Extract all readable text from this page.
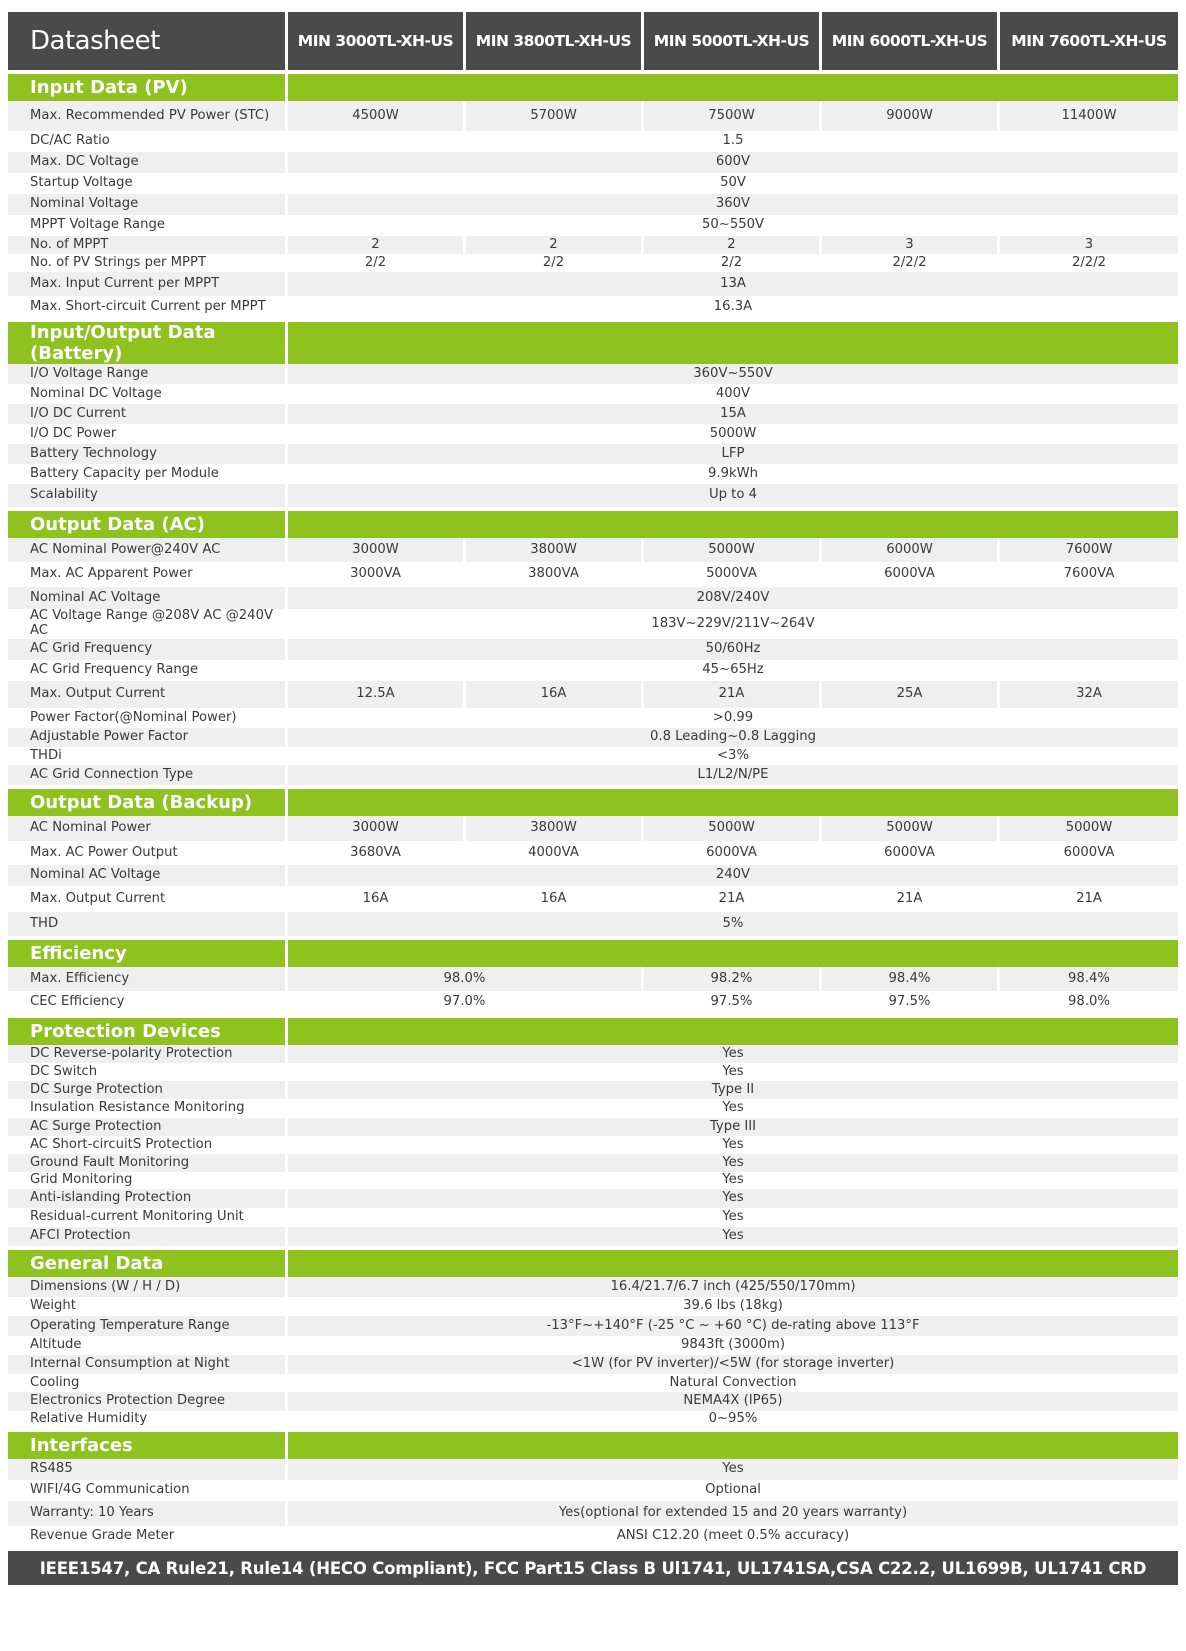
Datasheet	MIN 3000TL-XH-US	MIN 3800TL-XH-US	MIN 5000TL-XH-US	MIN 6000TL-XH-US	MIN 7600TL-XH-US

Input Data (PV)					
Max. Recommended PV Power (STC)	4500W	5700W	7500W	9000W	11400W
DC/AC Ratio	1.5				
Max. DC Voltage	600V				
Startup Voltage	50V				
Nominal Voltage	360V				
MPPT Voltage Range	50~550V				
No. of MPPT	2	2	2	3	3
No. of PV Strings per MPPT	2/2	2/2	2/2	2/2/2	2/2/2
Max. Input Current per MPPT	13A				
Max. Short-circuit Current per MPPT	16.3A				

Input/Output Data (Battery)					
I/O Voltage Range	360V~550V				
Nominal DC Voltage	400V				
I/O DC Current	15A				
I/O DC Power	5000W				
Battery Technology	LFP				
Battery Capacity per Module	9.9kWh				
Scalability	Up to 4				

Output Data (AC)					
AC Nominal Power@240V AC	3000W	3800W	5000W	6000W	7600W
Max. AC Apparent Power	3000VA	3800VA	5000VA	6000VA	7600VA
Nominal AC Voltage	208V/240V				
AC Voltage Range @208V AC @240V AC	183V~229V/211V~264V				
AC Grid Frequency	50/60Hz				
AC Grid Frequency Range	45~65Hz				
Max. Output Current	12.5A	16A	21A	25A	32A
Power Factor(@Nominal Power)	>0.99				
Adjustable Power Factor	0.8 Leading~0.8 Lagging				
THDi	<3%				
AC Grid Connection Type	L1/L2/N/PE				

Output Data (Backup)					
AC Nominal Power	3000W	3800W	5000W	5000W	5000W
Max. AC Power Output	3680VA	4000VA	6000VA	6000VA	6000VA
Nominal AC Voltage	240V				
Max. Output Current	16A	16A	21A	21A	21A
THD	5%				

Efficiency					
Max. Efficiency	98.0%		98.2%	98.4%	98.4%
CEC Efficiency	97.0%		97.5%	97.5%	98.0%

Protection Devices					
DC Reverse-polarity Protection	Yes				
DC Switch	Yes				
DC Surge Protection	Type II				
Insulation Resistance Monitoring	Yes				
AC Surge Protection	Type III				
AC Short-circuitS Protection	Yes				
Ground Fault Monitoring	Yes				
Grid Monitoring	Yes				
Anti-islanding Protection	Yes				
Residual-current Monitoring Unit	Yes				
AFCI Protection	Yes				

General Data					
Dimensions (W / H / D)	16.4/21.7/6.7 inch (425/550/170mm)				
Weight	39.6 lbs (18kg)				
Operating Temperature Range	-13°F~+140°F (-25 °C ~ +60 °C) de-rating above 113°F				
Altitude	9843ft (3000m)				
Internal Consumption at Night	<1W (for PV inverter)/<5W (for storage inverter)				
Cooling	Natural Convection				
Electronics Protection Degree	NEMA4X (IP65)				
Relative Humidity	0~95%				

Interfaces					
RS485	Yes				
WIFI/4G Communication	Optional				
Warranty: 10 Years	Yes(optional for extended 15 and 20 years warranty)				
Revenue Grade Meter	ANSI C12.20 (meet 0.5% accuracy)				

IEEE1547, CA Rule21, Rule14 (HECO Compliant), FCC Part15 Class B Ul1741, UL1741SA,CSA C22.2, UL1699B, UL1741 CRD					
